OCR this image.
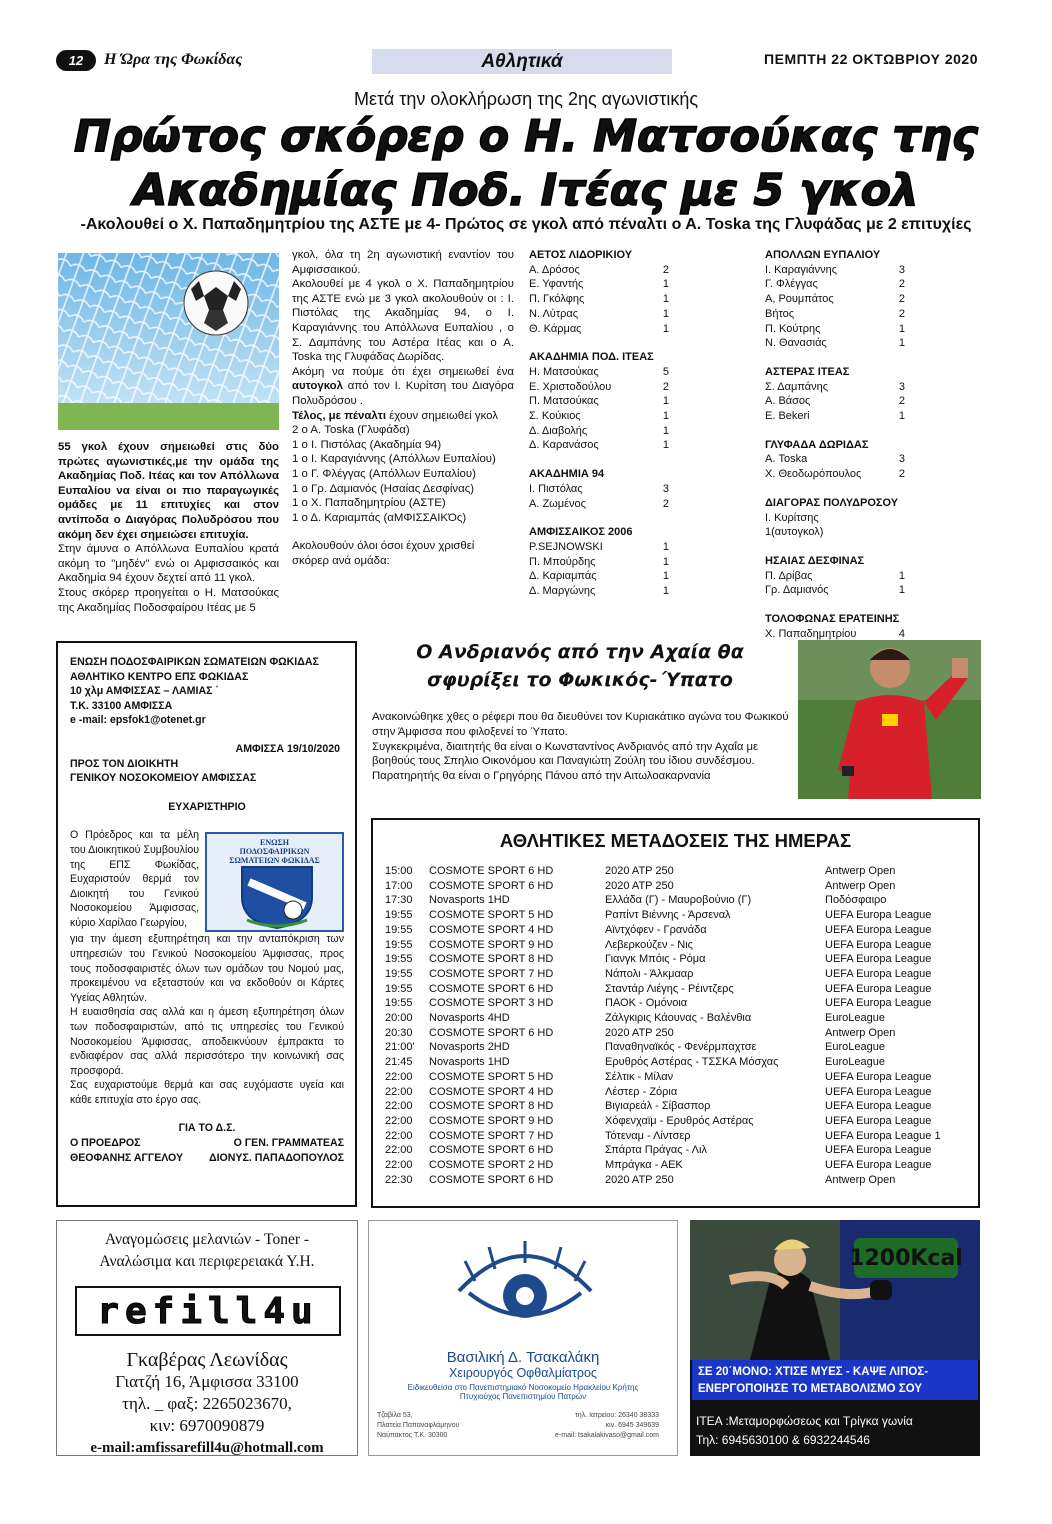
12	Η Ώρα της Φωκίδας	Αθλητικά	ΠΕΜΠΤΗ 22 ΟΚΤΩΒΡΙΟΥ 2020
Μετά την ολοκλήρωση της 2ης αγωνιστικής
Πρώτος σκόρερ ο Η. Ματσούκας της
Ακαδημίας Ποδ. Ιτέας με 5 γκολ
-Ακολουθεί ο Χ. Παπαδημητρίου της ΑΣΤΕ με 4- Πρώτος σε γκολ από πέναλτι ο Α. Toska της Γλυφάδας με 2 επιτυχίες

55 γκολ έχουν σημειωθεί στις δύο πρώτες αγωνιστικές,με την ομάδα της Ακαδημίας Ποδ. Ιτέας και τον Απόλλωνα Ευπαλίου να είναι οι πιο παραγωγικές ομάδες με 11 επιτυχίες και στον αντίποδα ο Διαγόρας Πολυδρόσου που ακόμη δεν έχει σημειώσει επιτυχία.

Στην άμυνα ο Απόλλωνα Ευπαλίου κρατά ακόμη το "μηδέν" ενώ οι Αμφισσαικός και Ακαδημία 94 έχουν δεχτεί από 11 γκολ.

Στους σκόρερ προηγείται ο Η. Ματσούκας της Ακαδημίας Ποδοσφαίρου Ιτέας με 5

γκολ, όλα τη 2η αγωνιστική εναντίον του Αμφισσαικού.

Ακολουθεί με 4 γκολ ο Χ. Παπαδημητρίου της ΑΣΤΕ ενώ με 3 γκολ ακολουθούν οι : Ι. Πιστόλας της Ακαδημίας 94, ο Ι. Καραγιάννης του Απόλλωνα Ευπαλίου , ο Σ. Δαμπάνης του Αστέρα Ιτέας και ο Α. Toska της Γλυφάδας Δωρίδας.

Ακόμη να πούμε ότι έχει σημειωθεί ένα αυτογκολ από τον Ι. Κυρίτση του Διαγόρα Πολυδρόσου .

Τέλος, με πέναλτι έχουν σημειωθεί γκολ

2 ο Α. Toska (Γλυφάδα)

1 ο Ι. Πιστόλας (Ακαδημία 94)

1 ο Ι. Καραγιάννης (Απόλλων Ευπαλίου)

1 ο Γ. Φλέγγας (Απόλλων Ευπαλίου)

1 ο Γρ. Δαμιανός (Ησαίας Δεσφίνας)

1 ο Χ. Παπαδημητρίου (ΑΣΤΕ)

1 ο Δ. Καριαμπάς (αΜΦΙΣΣΑΙΚΌς)

Ακολουθούν όλοι όσοι έχουν χρισθεί σκόρερ ανά ομάδα:

ΑΕΤΟΣ ΛΙΔΟΡΙΚΙΟΥ
Α. Δρόσος	2
Ε. Υφαντής	1
Π. Γκόλφης	1
Ν. Λύτρας	1
Θ. Κάρμας	1
ΑΚΑΔΗΜΙΑ ΠΟΔ. ΙΤΕΑΣ
Η. Ματσούκας	5
Ε. Χριστοδούλου	2
Π. Ματσούκας	1
Σ. Κούκιος	1
Δ. Διαβολής	1
Δ. Καρανάσος	1
ΑΚΑΔΗΜΙΑ 94
Ι. Πιστόλας	3
Α. Ζωμένος	2
ΑΜΦΙΣΣΑΙΚΟΣ 2006
P.SEJNOWSKI	1
Π. Μπούρδης	1
Δ. Καριαμπάς	1
Δ. Μαργώνης	1
ΑΠΟΛΛΩΝ ΕΥΠΑΛΙΟΥ
Ι. Καραγιάννης	3
Γ. Φλέγγας	2
Α, Ρουμπάτος	2
Βήτος	2
Π. Κούτρης	1
Ν. Θανασιάς	1
ΑΣΤΕΡΑΣ ΙΤΕΑΣ
Σ. Δαμπάνης	3
Α. Βάσος	2
Ε. Bekeri	1
ΓΛΥΦΑΔΑ ΔΩΡΙΔΑΣ
Α. Toska	3
Χ. Θεοδωρόπουλος	2
ΔΙΑΓΟΡΑΣ ΠΟΛΥΔΡΟΣΟΥ
Ι. Κυρίτσης 1(αυτογκολ)
ΗΣΑΙΑΣ ΔΕΣΦΙΝΑΣ
Π. Δρίβας	1
Γρ. Δαμιανός	1
ΤΟΛΟΦΩΝΑΣ ΕΡΑΤΕΙΝΗΣ
Χ. Παπαδημητρίου	4

ΕΝΩΣΗ ΠΟΔΟΣΦΑΙΡΙΚΩΝ ΣΩΜΑΤΕΙΩΝ ΦΩΚΙΔΑΣ

ΑΘΛΗΤΙΚΟ ΚΕΝΤΡΟ ΕΠΣ ΦΩΚΙΔΑΣ

10 χλμ ΑΜΦΙΣΣΑΣ – ΛΑΜΙΑΣ ΄

Τ.Κ. 33100 ΑΜΦΙΣΣΑ

e -mail: epsfok1@otenet.gr

ΑΜΦΙΣΣΑ 19/10/2020

ΠΡΟΣ ΤΟΝ ΔΙΟΙΚΗΤΗ

ΓΕΝΙΚΟΥ ΝΟΣΟΚΟΜΕΙΟΥ ΑΜΦΙΣΣΑΣ

ΕΥΧΑΡΙΣΤΗΡΙΟ

Ο Πρόεδρος και τα μέλη του Διοικητικού Συμβουλίου της ΕΠΣ Φωκίδας, Ευχαριστούν θερμά τον Διοικητή του Γενικού Νοσοκομείου Άμφισσας, κύριο Χαρίλαο Γεωργίου,

ΕΝΩΣΗ ΠΟΔΟΣΦΑΙΡΙΚΩΝ ΣΩΜΑΤΕΙΩΝ ΦΩΚΙΔΑΣ

για την άμεση εξυπηρέτηση και την ανταπόκριση των υπηρεσιών του Γενικού Νοσοκομείου Άμφισσας, προς τους ποδοσφαιριστές όλων των ομάδων του Νομού μας, προκειμένου να εξεταστούν και να εκδοθούν οι Κάρτες Υγείας Αθλητών.

Η ευαισθησία σας αλλά και η άμεση εξυπηρέτηση όλων των ποδοσφαιριστών, από τις υπηρεσίες του Γενικού Νοσοκομείου Άμφισσας, αποδεικνύουν έμπρακτα το ενδιαφέρον σας αλλά περισσότερο την κοινωνική σας προσφορά.

Σας ευχαριστούμε θερμά και σας ευχόμαστε υγεία και κάθε επιτυχία στο έργο σας.

ΓΙΑ ΤΟ Δ.Σ.

Ο ΠΡΟΕΔΡΟΣ	Ο ΓΕΝ. ΓΡΑΜΜΑΤΕΑΣ

ΘΕΟΦΑΝΗΣ ΑΓΓΕΛΟΥ ΔΙΟΝΥΣ. ΠΑΠΑΔΟΠΟΥΛΟΣ

Ο Ανδριανός από την Αχαία θα
σφυρίξει το Φωκικός-΄Υπατο

Ανακοινώθηκε χθες ο ρέφερι που θα διευθύνει τον Κυριακάτικο αγώνα του Φωκικού στην Άμφισσα που φιλοξενεί το Ύπατο.

Συγκεκριμένα, διαιτητής θα είναι ο Κωνσταντίνος Ανδριανός από την Αχαΐα με βοηθούς τους Σπηλιο Οικονόμου και Παναγιώτη Ζούλη του ίδιου συνδέσμου. Παρατηρητής θα είναι ο Γρηγόρης Πάνου από την Αιτωλοακαρνανία

ΑΘΛΗΤΙΚΕΣ ΜΕΤΑΔΟΣΕΙΣ ΤΗΣ ΗΜΕΡΑΣ
15:00	COSMOTE SPORT 6 HD	2020 ATP 250	Antwerp Open
17:00	COSMOTE SPORT 6 HD	2020 ATP 250	Antwerp Open
17:30	Novasports 1HD	Ελλάδα (Γ) - Μαυροβούνιο (Γ)	Ποδόσφαιρο
19:55	COSMOTE SPORT 5 HD	Ραπίντ Βιέννης - Άρσεναλ	UEFA Europa League
19:55	COSMOTE SPORT 4 HD	Αϊντχόφεν - Γρανάδα	UEFA Europa League
19:55	COSMOTE SPORT 9 HD	Λεβερκούζεν - Νις	UEFA Europa League
19:55	COSMOTE SPORT 8 HD	Γιανγκ Μπόις - Ρόμα	UEFA Europa League
19:55	COSMOTE SPORT 7 HD	Νάπολι - Άλκμααρ	UEFA Europa League
19:55	COSMOTE SPORT 6 HD	Σταντάρ Λιέγης - Ρέιντζερς	UEFA Europa League
19:55	COSMOTE SPORT 3 HD	ΠΑΟΚ - Ομόνοια	UEFA Europa League
20:00	Novasports 4HD	Ζάλγκιρις Κάουνας - Βαλένθια	EuroLeague
20:30	COSMOTE SPORT 6 HD	2020 ATP 250	Antwerp Open
21:00'	Novasports 2HD	Παναθηναϊκός - Φενέρμπαχτσε	EuroLeague
21:45	Novasports 1HD	Ερυθρός Αστέρας - ΤΣΣΚΑ Μόσχας	EuroLeague
22:00	COSMOTE SPORT 5 HD	Σέλτικ - Μίλαν	UEFA Europa League
22:00	COSMOTE SPORT 4 HD	Λέστερ - Ζόρια	UEFA Europa League
22:00	COSMOTE SPORT 8 HD	Βιγιαρεάλ - Σίβασπορ	UEFA Europa League
22:00	COSMOTE SPORT 9 HD	Χόφενχαϊμ - Ερυθρός Αστέρας	UEFA Europa League
22:00	COSMOTE SPORT 7 HD	Τότεναμ - Λίντσερ	UEFA Europa League 1
22:00	COSMOTE SPORT 6 HD	Σπάρτα Πράγας - Λιλ	UEFA Europa League
22:00	COSMOTE SPORT 2 HD	Μπράγκα - ΑΕΚ	UEFA Europa League
22:30	COSMOTE SPORT 6 HD	2020 ATP 250	Antwerp Open
Αναγομώσεις μελανιών - Toner -
Αναλώσιμα και περιφερειακά Υ.Η.
refill4u
Γκαβέρας Λεωνίδας
Γιατζή 16, Άμφισσα 33100
τηλ. _ φαξ: 2265023670,
κιν: 6970090879
e-mail:amfissarefill4u@hotmall.com
Βασιλική Δ. Τσακαλάκη
Χειρουργός Οφθαλμίατρος
Ειδικευθείσα στο Πανεπιστημιακό Νοσοκομείο Ηρακλείου Κρήτης
Πτυχιούχος Πανεπιστημίου Πατρών
Τζαβίλα 53,
Πλατεία Παπαναφλάμηνου
Ναύπακτος Τ.Κ. 30300
τηλ. Ιατρείου: 26340 38333
κιν. 6945 349639
e-mail: tsakalakivaso@gmail.com
1200Kcal
ΣΕ 20΄ΜΟΝΟ: ΧΤΙΣΕ ΜΥΕΣ - ΚΑΨΕ ΛΙΠΟΣ-
ΕΝΕΡΓΟΠΟΙΗΣΕ ΤΟ ΜΕΤΑΒΟΛΙΣΜΟ ΣΟΥ
ΙΤΕΑ :Μεταμορφώσεως και Τρίγκα γωνία
Τηλ: 6945630100 & 6932244546
